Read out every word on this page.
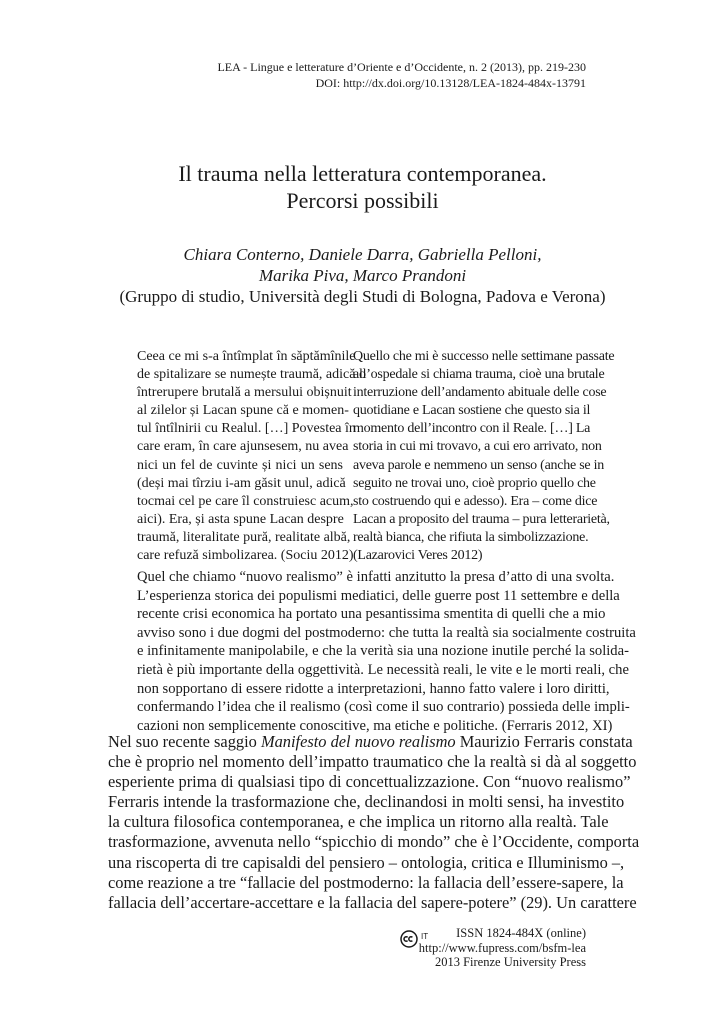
LEA - Lingue e letterature d’Oriente e d’Occidente, n. 2 (2013), pp. 219-230
DOI: http://dx.doi.org/10.13128/LEA-1824-484x-13791
Il trauma nella letteratura contemporanea.
Percorsi possibili
Chiara Conterno, Daniele Darra, Gabriella Pelloni,
Marika Piva, Marco Prandoni
(Gruppo di studio, Università degli Studi di Bologna, Padova e Verona)
Ceea ce mi s-a întîmplat în săptămînile
de spitalizare se numește traumă, adică o
întrerupere brutală a mersului obișnuit
al zilelor și Lacan spune că e momen-
tul întîlnirii cu Realul. […] Povestea în
care eram, în care ajunsesem, nu avea
nici un fel de cuvinte și nici un sens
(deși mai tîrziu i-am găsit unul, adică
tocmai cel pe care îl construiesc acum,
aici). Era, și asta spune Lacan despre
traumă, literalitate pură, realitate albă,
care refuză simbolizarea. (Sociu 2012)
Quello che mi è successo nelle settimane passate
all’ospedale si chiama trauma, cioè una brutale
interruzione dell’andamento abituale delle cose
quotidiane e Lacan sostiene che questo sia il
momento dell’incontro con il Reale. […] La
storia in cui mi trovavo, a cui ero arrivato, non
aveva parole e nemmeno un senso (anche se in
seguito ne trovai uno, cioè proprio quello che
sto costruendo qui e adesso). Era – come dice
Lacan a proposito del trauma – pura letterarietà,
realtà bianca, che rifiuta la simbolizzazione.
(Lazarovici Veres 2012)
Quel che chiamo “nuovo realismo” è infatti anzitutto la presa d’atto di una svolta.
L’esperienza storica dei populismi mediatici, delle guerre post 11 settembre e della
recente crisi economica ha portato una pesantissima smentita di quelli che a mio
avviso sono i due dogmi del postmoderno: che tutta la realtà sia socialmente costruita
e infinitamente manipolabile, e che la verità sia una nozione inutile perché la solida-
rietà è più importante della oggettività. Le necessità reali, le vite e le morti reali, che
non sopportano di essere ridotte a interpretazioni, hanno fatto valere i loro diritti,
confermando l’idea che il realismo (così come il suo contrario) possieda delle impli-
cazioni non semplicemente conoscitive, ma etiche e politiche. (Ferraris 2012, XI)
Nel suo recente saggio Manifesto del nuovo realismo Maurizio Ferraris constata
che è proprio nel momento dell’impatto traumatico che la realtà si dà al soggetto
esperiente prima di qualsiasi tipo di concettualizzazione. Con “nuovo realismo”
Ferraris intende la trasformazione che, declinandosi in molti sensi, ha investito
la cultura filosofica contemporanea, e che implica un ritorno alla realtà. Tale
trasformazione, avvenuta nello “spicchio di mondo” che è l’Occidente, comporta
una riscoperta di tre capisaldi del pensiero – ontologia, critica e Illuminismo –,
come reazione a tre “fallacie del postmoderno: la fallacia dell’essere-sapere, la
fallacia dell’accertare-accettare e la fallacia del sapere-potere” (29). Un carattere
IT	ISSN 1824-484X (online)
http://www.fupress.com/bsfm-lea
2013 Firenze University Press
